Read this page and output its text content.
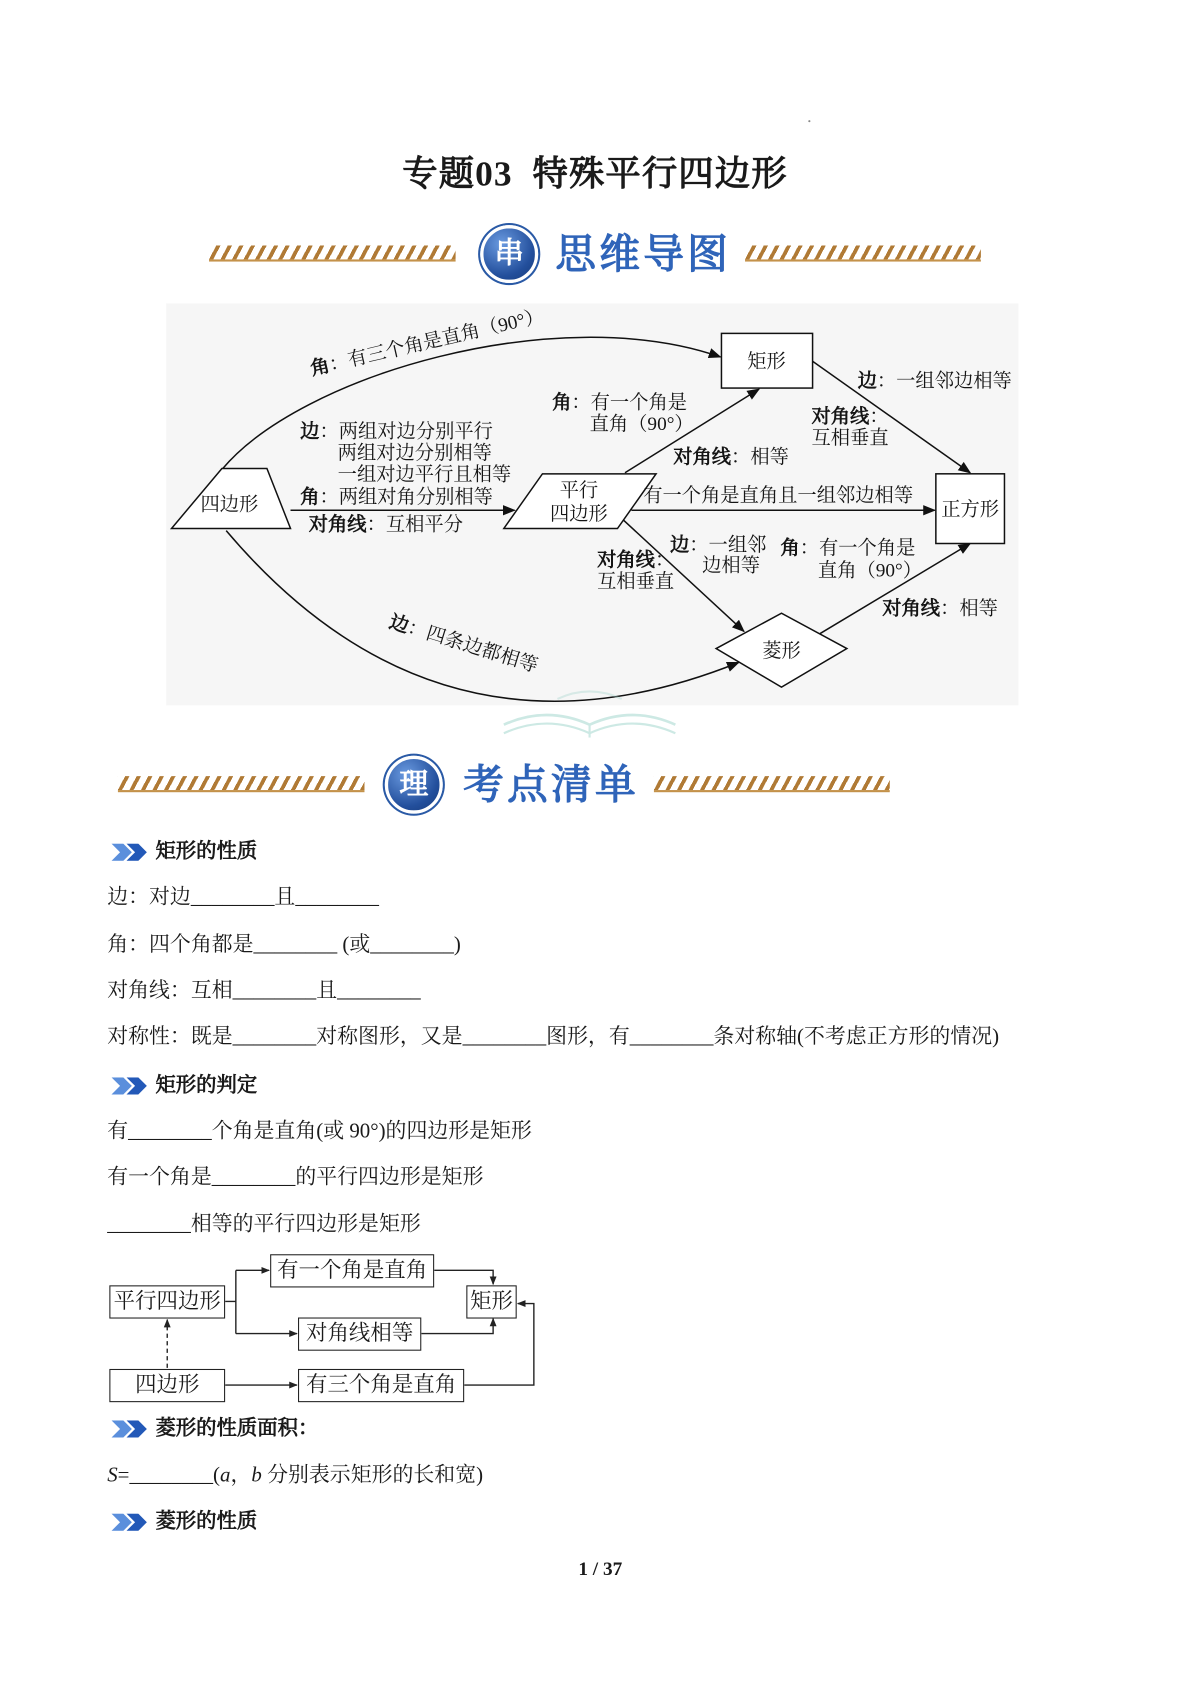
专题03  特殊平行四边形
串 思维导图
四边形
平行
四边形
矩形
正方形
菱形
角：有三个角是直角（90°）
边：四条边都相等
边：两组对边分别平行
两组对边分别相等
一组对边平行且相等
角：两组对角分别相等
对角线：互相平分
角：有一个角是
直角（90°）
对角线：相等
边：一组邻边相等
对角线：
互相垂直
有一个角是直角且一组邻边相等
边：一组邻
边相等
对角线：
互相垂直
角：有一个角是
直角（90°）
对角线：相等
理 考点清单
矩形的性质
边：对边________且________
角：四个角都是________ (或________)
对角线：互相________且________
对称性：既是________对称图形，又是________图形，有________条对称轴(不考虑正方形的情况)
矩形的判定
有________个角是直角(或 90°)的四边形是矩形
有一个角是________的平行四边形是矩形
________相等的平行四边形是矩形
平行四边形
有一个角是直角
矩形
对角线相等
四边形	有三个角是直角
菱形的性质面积：
S=________(a，b 分别表示矩形的长和宽)
菱形的性质
1 / 37
